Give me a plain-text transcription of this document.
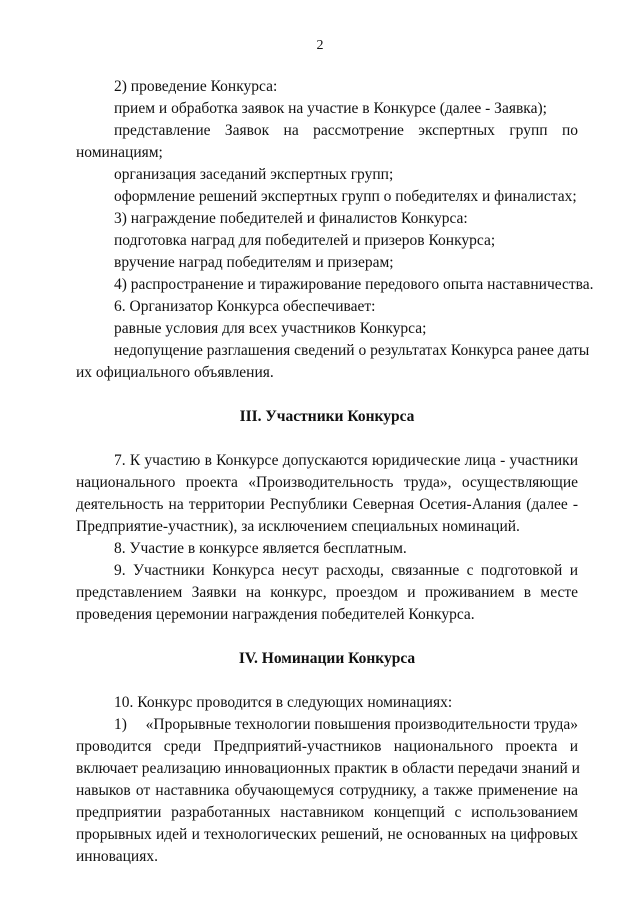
2
2) проведение Конкурса:
прием и обработка заявок на участие в Конкурсе (далее - Заявка);
представление Заявок на рассмотрение экспертных групп по
номинациям;
организация заседаний экспертных групп;
оформление решений экспертных групп о победителях и финалистах;
3) награждение победителей и финалистов Конкурса:
подготовка наград для победителей и призеров Конкурса;
вручение наград победителям и призерам;
4) распространение и тиражирование передового опыта наставничества.
6. Организатор Конкурса обеспечивает:
равные условия для всех участников Конкурса;
недопущение разглашения сведений о результатах Конкурса ранее даты
их официального объявления.
III. Участники Конкурса
7. К участию в Конкурсе допускаются юридические лица - участники
национального проекта «Производительность труда», осуществляющие
деятельность на территории Республики Северная Осетия-Алания (далее -
Предприятие-участник), за исключением специальных номинаций.
8. Участие в конкурсе является бесплатным.
9. Участники Конкурса несут расходы, связанные с подготовкой и
представлением Заявки на конкурс, проездом и проживанием в месте
проведения церемонии награждения победителей Конкурса.
IV. Номинации Конкурса
10. Конкурс проводится в следующих номинациях:
1) «Прорывные технологии повышения производительности труда»
проводится среди Предприятий-участников национального проекта и
включает реализацию инновационных практик в области передачи знаний и
навыков от наставника обучающемуся сотруднику, а также применение на
предприятии разработанных наставником концепций с использованием
прорывных идей и технологических решений, не основанных на цифровых
инновациях.
